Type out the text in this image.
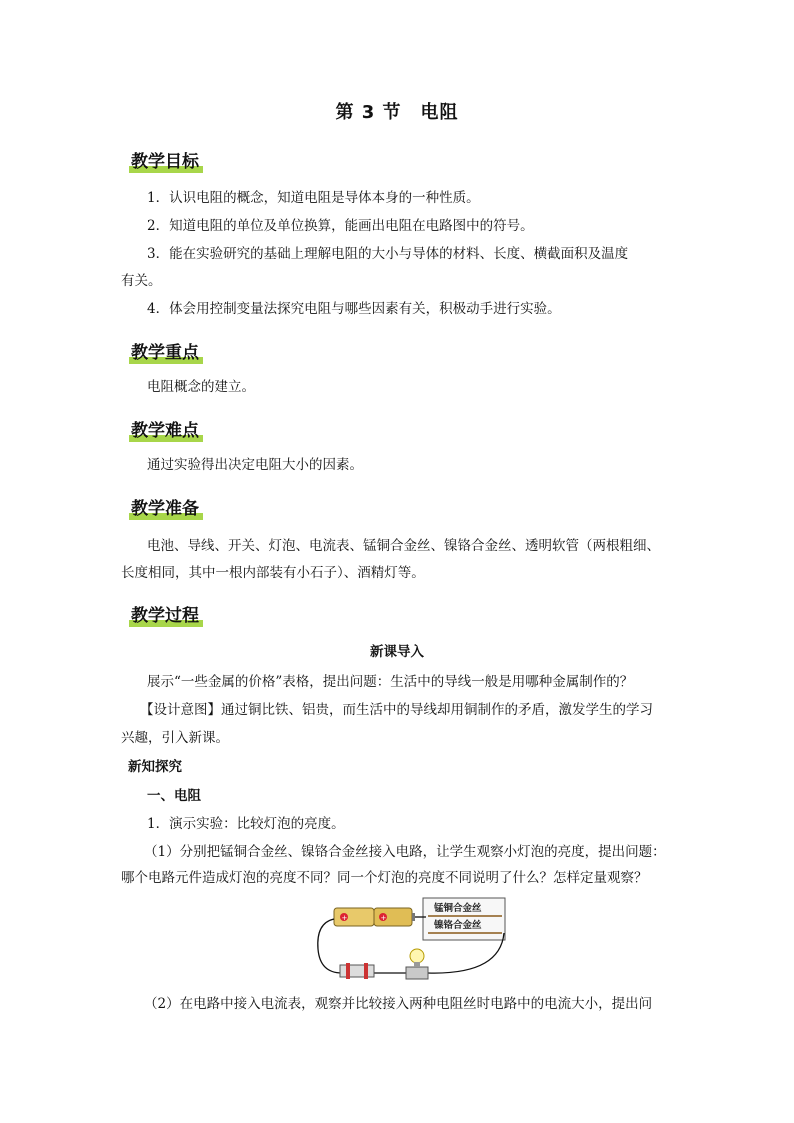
第 3 节　电阻
教学目标
1．认识电阻的概念，知道电阻是导体本身的一种性质。
2．知道电阻的单位及单位换算，能画出电阻在电路图中的符号。
3．能在实验研究的基础上理解电阻的大小与导体的材料、长度、横截面积及温度
有关。
4．体会用控制变量法探究电阻与哪些因素有关，积极动手进行实验。
教学重点
电阻概念的建立。
教学难点
通过实验得出决定电阻大小的因素。
教学准备
电池、导线、开关、灯泡、电流表、锰铜合金丝、镍铬合金丝、透明软管（两根粗细、
长度相同，其中一根内部装有小石子）、酒精灯等。
教学过程
新课导入
展示“一些金属的价格”表格，提出问题：生活中的导线一般是用哪种金属制作的？
【设计意图】通过铜比铁、铝贵，而生活中的导线却用铜制作的矛盾，激发学生的学习
兴趣，引入新课。
新知探究
一、电阻
1．演示实验：比较灯泡的亮度。
（1）分别把锰铜合金丝、镍铬合金丝接入电路，让学生观察小灯泡的亮度，提出问题：
哪个电路元件造成灯泡的亮度不同？同一个灯泡的亮度不同说明了什么？怎样定量观察？
锰铜合金丝
镍铬合金丝
+	+
（2）在电路中接入电流表，观察并比较接入两种电阻丝时电路中的电流大小，提出问
